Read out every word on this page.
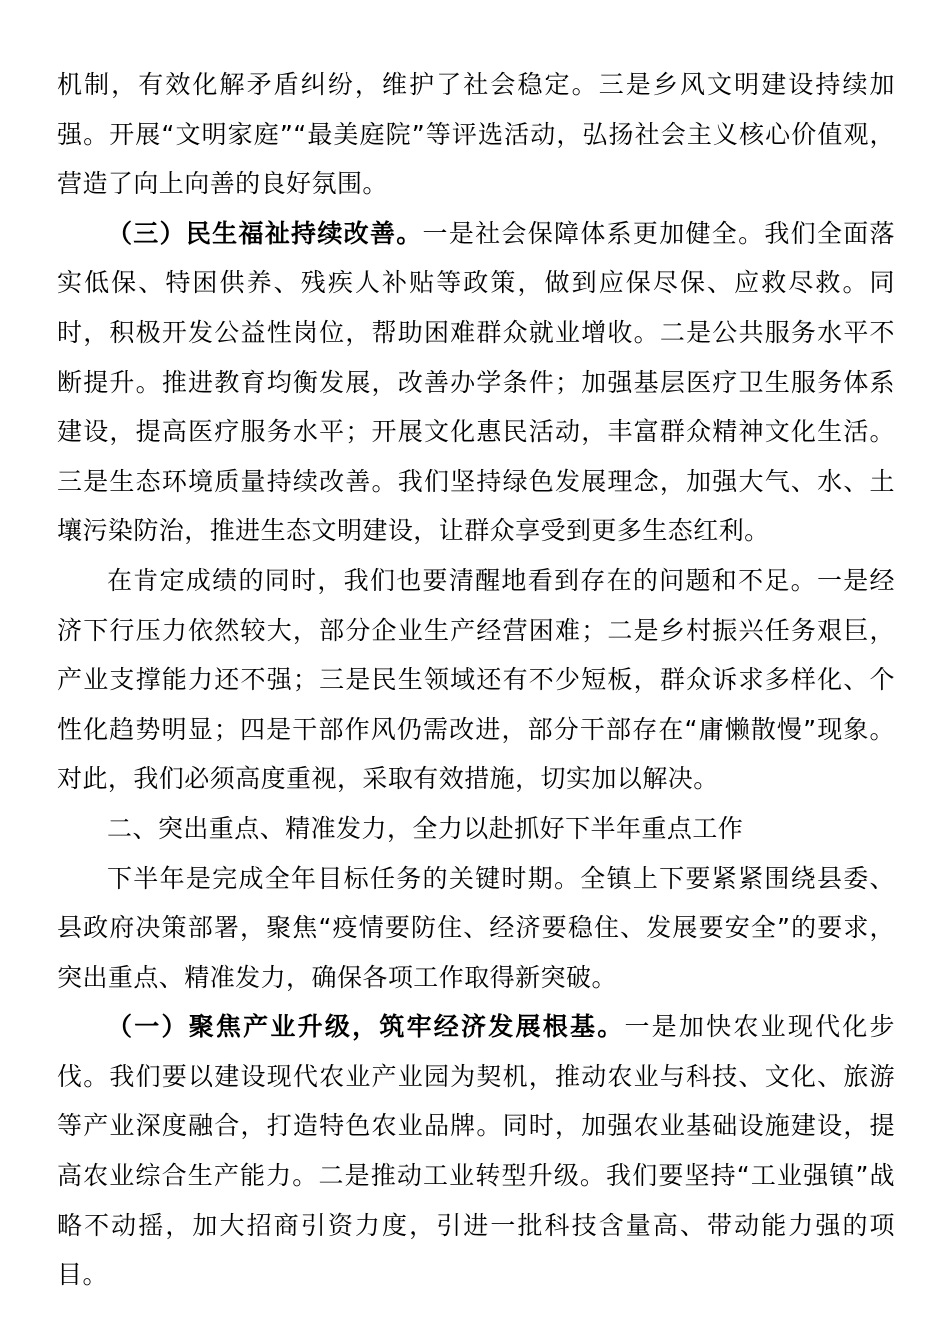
机制，有效化解矛盾纠纷，维护了社会稳定。三是乡风文明建设持续加强。开展“文明家庭”“最美庭院”等评选活动，弘扬社会主义核心价值观，营造了向上向善的良好氛围。

（三）民生福祉持续改善。一是社会保障体系更加健全。我们全面落实低保、特困供养、残疾人补贴等政策，做到应保尽保、应救尽救。同时，积极开发公益性岗位，帮助困难群众就业增收。二是公共服务水平不断提升。推进教育均衡发展，改善办学条件；加强基层医疗卫生服务体系建设，提高医疗服务水平；开展文化惠民活动，丰富群众精神文化生活。三是生态环境质量持续改善。我们坚持绿色发展理念，加强大气、水、土壤污染防治，推进生态文明建设，让群众享受到更多生态红利。

在肯定成绩的同时，我们也要清醒地看到存在的问题和不足。一是经济下行压力依然较大，部分企业生产经营困难；二是乡村振兴任务艰巨，产业支撑能力还不强；三是民生领域还有不少短板，群众诉求多样化、个性化趋势明显；四是干部作风仍需改进，部分干部存在“庸懒散慢”现象。对此，我们必须高度重视，采取有效措施，切实加以解决。

二、突出重点、精准发力，全力以赴抓好下半年重点工作

下半年是完成全年目标任务的关键时期。全镇上下要紧紧围绕县委、县政府决策部署，聚焦“疫情要防住、经济要稳住、发展要安全”的要求，突出重点、精准发力，确保各项工作取得新突破。

（一）聚焦产业升级，筑牢经济发展根基。一是加快农业现代化步伐。我们要以建设现代农业产业园为契机，推动农业与科技、文化、旅游等产业深度融合，打造特色农业品牌。同时，加强农业基础设施建设，提高农业综合生产能力。二是推动工业转型升级。我们要坚持“工业强镇”战略不动摇，加大招商引资力度，引进一批科技含量高、带动能力强的项目。
